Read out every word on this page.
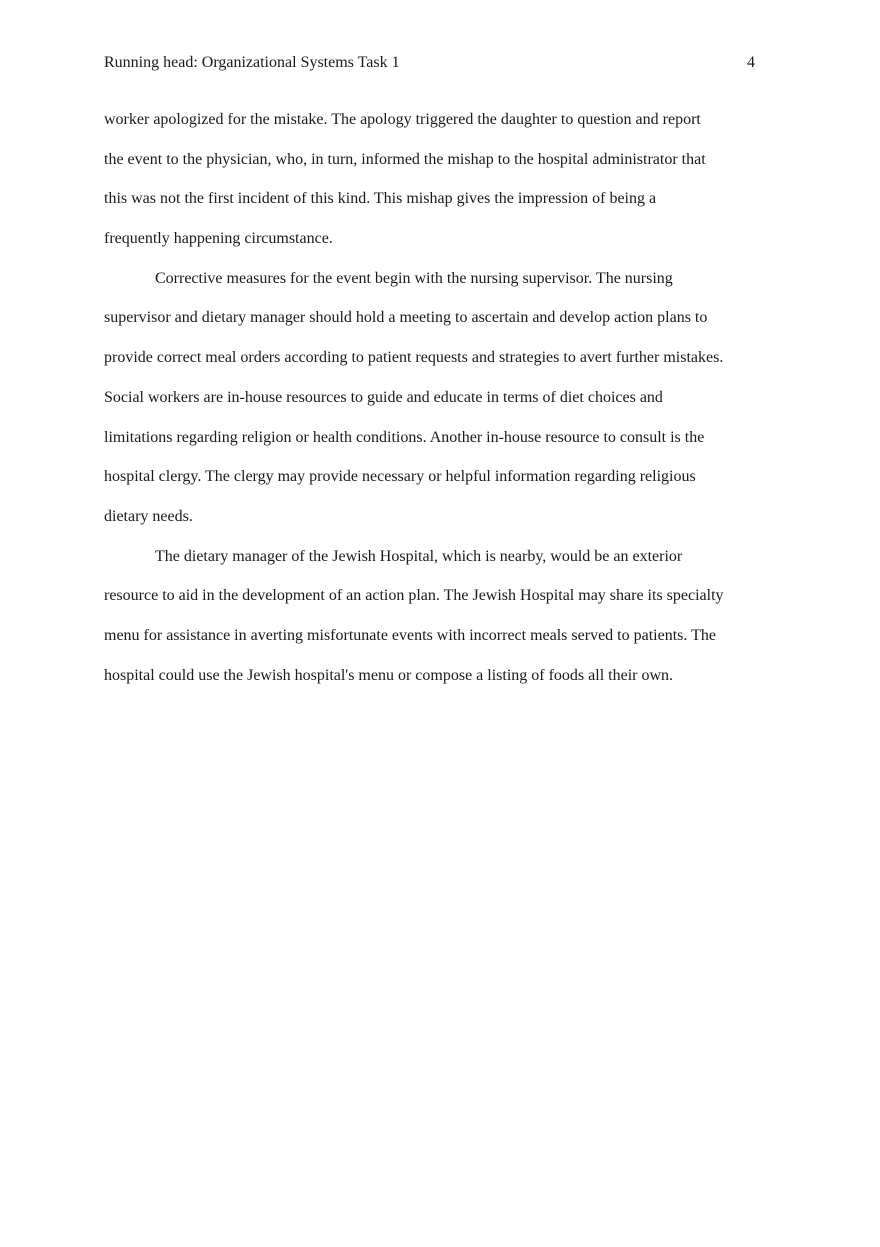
Running head: Organizational Systems Task 1	4

worker apologized for the mistake. The apology triggered the daughter to question and report
the event to the physician, who, in turn, informed the mishap to the hospital administrator that
this was not the first incident of this kind. This mishap gives the impression of being a
frequently happening circumstance.

Corrective measures for the event begin with the nursing supervisor. The nursing
supervisor and dietary manager should hold a meeting to ascertain and develop action plans to
provide correct meal orders according to patient requests and strategies to avert further mistakes.
Social workers are in-house resources to guide and educate in terms of diet choices and
limitations regarding religion or health conditions. Another in-house resource to consult is the
hospital clergy. The clergy may provide necessary or helpful information regarding religious
dietary needs.

The dietary manager of the Jewish Hospital, which is nearby, would be an exterior
resource to aid in the development of an action plan. The Jewish Hospital may share its specialty
menu for assistance in averting misfortunate events with incorrect meals served to patients. The
hospital could use the Jewish hospital's menu or compose a listing of foods all their own.
